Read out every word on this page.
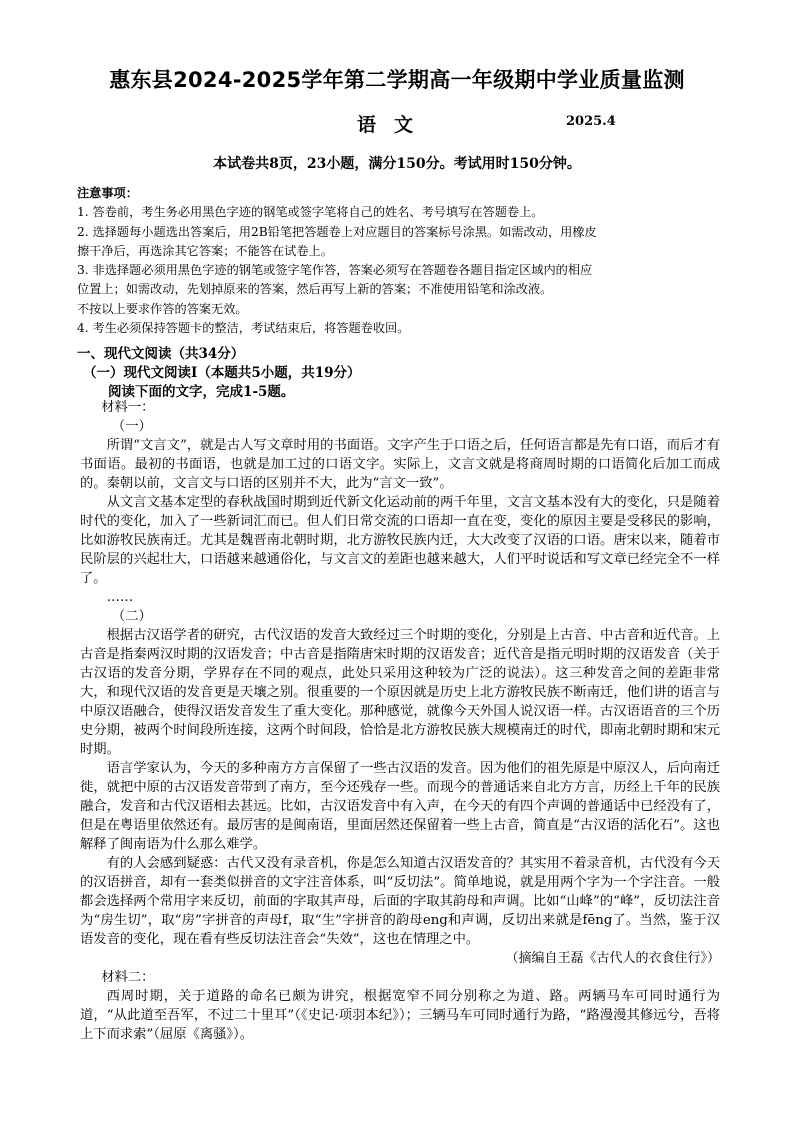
惠东县2024-2025学年第二学期高一年级期中学业质量监测
语文	2025.4
本试卷共8页，23小题，满分150分。考试用时150分钟。
注意事项：
1. 答卷前，考生务必用黑色字迹的钢笔或签字笔将自己的姓名、考号填写在答题卷上。
2. 选择题每小题选出答案后，用2B铅笔把答题卷上对应题目的答案标号涂黑。如需改动，用橡皮
擦干净后，再选涂其它答案；不能答在试卷上。
3. 非选择题必须用黑色字迹的钢笔或签字笔作答，答案必须写在答题卷各题目指定区域内的相应
位置上；如需改动，先划掉原来的答案，然后再写上新的答案；不准使用铅笔和涂改液。
不按以上要求作答的答案无效。
4. 考生必须保持答题卡的整洁，考试结束后，将答题卷收回。
一、现代文阅读（共34分）
（一）现代文阅读Ⅰ（本题共5小题，共19分）
阅读下面的文字，完成1-5题。

材料一：

（一）

所谓“文言文”，就是古人写文章时用的书面语。文字产生于口语之后，任何语言都是先有口语，而后才有书面语。最初的书面语，也就是加工过的口语文字。实际上，文言文就是将商周时期的口语简化后加工而成的。秦朝以前，文言文与口语的区别并不大，此为“言文一致”。

从文言文基本定型的春秋战国时期到近代新文化运动前的两千年里，文言文基本没有大的变化，只是随着时代的变化，加入了一些新词汇而已。但人们日常交流的口语却一直在变，变化的原因主要是受移民的影响，比如游牧民族南迁。尤其是魏晋南北朝时期，北方游牧民族内迁，大大改变了汉语的口语。唐宋以来，随着市民阶层的兴起壮大，口语越来越通俗化，与文言文的差距也越来越大，人们平时说话和写文章已经完全不一样了。

……

（二）

根据古汉语学者的研究，古代汉语的发音大致经过三个时期的变化，分别是上古音、中古音和近代音。上古音是指秦两汉时期的汉语发音；中古音是指隋唐宋时期的汉语发音；近代音是指元明时期的汉语发音（关于古汉语的发音分期，学界存在不同的观点，此处只采用这种较为广泛的说法）。这三种发音之间的差距非常大，和现代汉语的发音更是天壤之别。很重要的一个原因就是历史上北方游牧民族不断南迁，他们讲的语言与中原汉语融合，使得汉语发音发生了重大变化。那种感觉，就像今天外国人说汉语一样。古汉语语音的三个历史分期，被两个时间段所连接，这两个时间段，恰恰是北方游牧民族大规模南迁的时代，即南北朝时期和宋元时期。

语言学家认为，今天的多种南方方言保留了一些古汉语的发音。因为他们的祖先原是中原汉人，后向南迁徙，就把中原的古汉语发音带到了南方，至今还残存一些。而现今的普通话来自北方方言，历经上千年的民族融合，发音和古代汉语相去甚远。比如，古汉语发音中有入声，在今天的有四个声调的普通话中已经没有了，但是在粤语里依然还有。最厉害的是闽南语，里面居然还保留着一些上古音，简直是“古汉语的活化石”。这也解释了闽南语为什么那么难学。

有的人会感到疑惑：古代又没有录音机，你是怎么知道古汉语发音的？其实用不着录音机，古代没有今天的汉语拼音，却有一套类似拼音的文字注音体系，叫“反切法”。简单地说，就是用两个字为一个字注音。一般都会选择两个常用字来反切，前面的字取其声母，后面的字取其韵母和声调。比如“山峰”的“峰”，反切法注音为“房生切”，取“房”字拼音的声母f，取“生”字拼音的韵母eng和声调，反切出来就是fēng了。当然，鉴于汉语发音的变化，现在看有些反切法注音会“失效”，这也在情理之中。

（摘编自王磊《古代人的衣食住行》）

材料二：

西周时期，关于道路的命名已颇为讲究，根据宽窄不同分别称之为道、路。两辆马车可同时通行为道，“从此道至吾军，不过二十里耳”（《史记·项羽本纪》）；三辆马车可同时通行为路，“路漫漫其修远兮，吾将上下而求索”（屈原《离骚》）。
